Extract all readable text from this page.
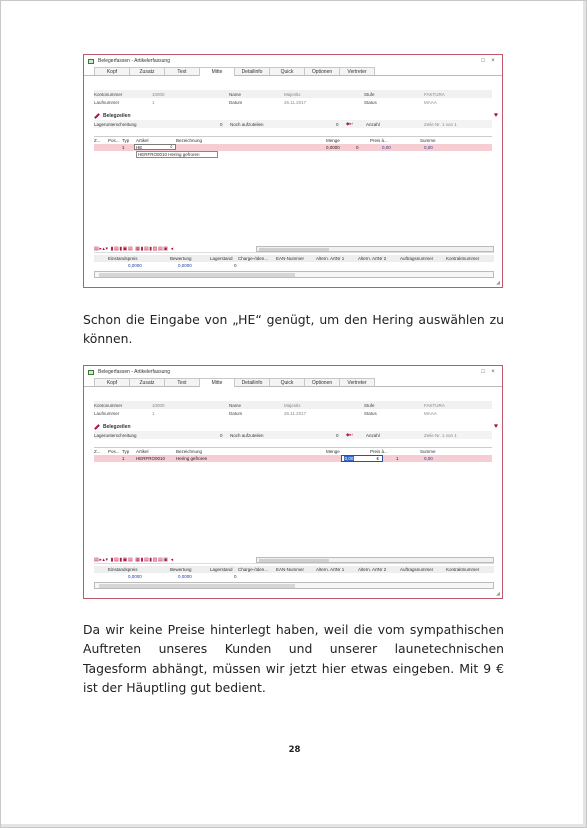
Belegerfassen - Artikelerfassung	□	×
Kopf	Zusatz	Text	Mitte	Detailinfo	Quick	Optionen	Vertreter
Kontonummer	10000	Name	Majestix	Stufe	FAKTURA
Laufnummer	1	Datum	26.11.2017	Status	MAAA
Belegzeilen	♥
Lagerunterschreitung	0 Noch aufzuteilen	0 ◆▸‹	Anzahl	Zeile Nr. 1 von 1
Z... Pos... Typ Artikel	Bezeichnung	Menge	Preis à...	Summe
1	HE	⌕	0,0000	0	0,00	0,00
HERFRO0010 Hering gefroren
▤▸▴▾ ▮▤▮▣▤ ▦▮▤▮▥▤▣ ◂
Einstandspreis	Bewertung	Lagerstand Charge-/Iden... EAN-Nummer	Altern. ArtNr 1	Altern. ArtNr 2	Auftragsnummer	Kontraktnummer
0,0000	0,0000	0
◢

Schon die Eingabe von „HE“ genügt, um den Hering auswählen zu können.

Belegerfassen - Artikelerfassung	□	×
Kopf	Zusatz	Text	Mitte	Detailinfo	Quick	Optionen	Vertreter
Kontonummer	10000	Name	Majestix	Stufe	FAKTURA
Laufnummer	1	Datum	26.11.2017	Status	MAAA
Belegzeilen	♥
Lagerunterschreitung	0 Noch aufzuteilen	0 ◆▸‹	Anzahl	Zeile Nr. 1 von 1
Z... Pos... Typ Artikel	Bezeichnung	Menge	Preis à...	Summe
1	HERFRO0010 Hering gefroren	0,00	€	1	0,00
▤▸▴▾ ▮▤▮▣▤ ▦▮▤▮▥▤▣ ◂
Einstandspreis	Bewertung	Lagerstand Charge-/Iden... EAN-Nummer	Altern. ArtNr 1	Altern. ArtNr 2	Auftragsnummer	Kontraktnummer
0,0000	0,0000	0
◢

Da wir keine Preise hinterlegt haben, weil die vom sympathischen Auftreten unseres Kunden und unserer launetechnischen Tagesform abhängt, müssen wir jetzt hier etwas eingeben. Mit 9 € ist der Häuptling gut bedient.

28
